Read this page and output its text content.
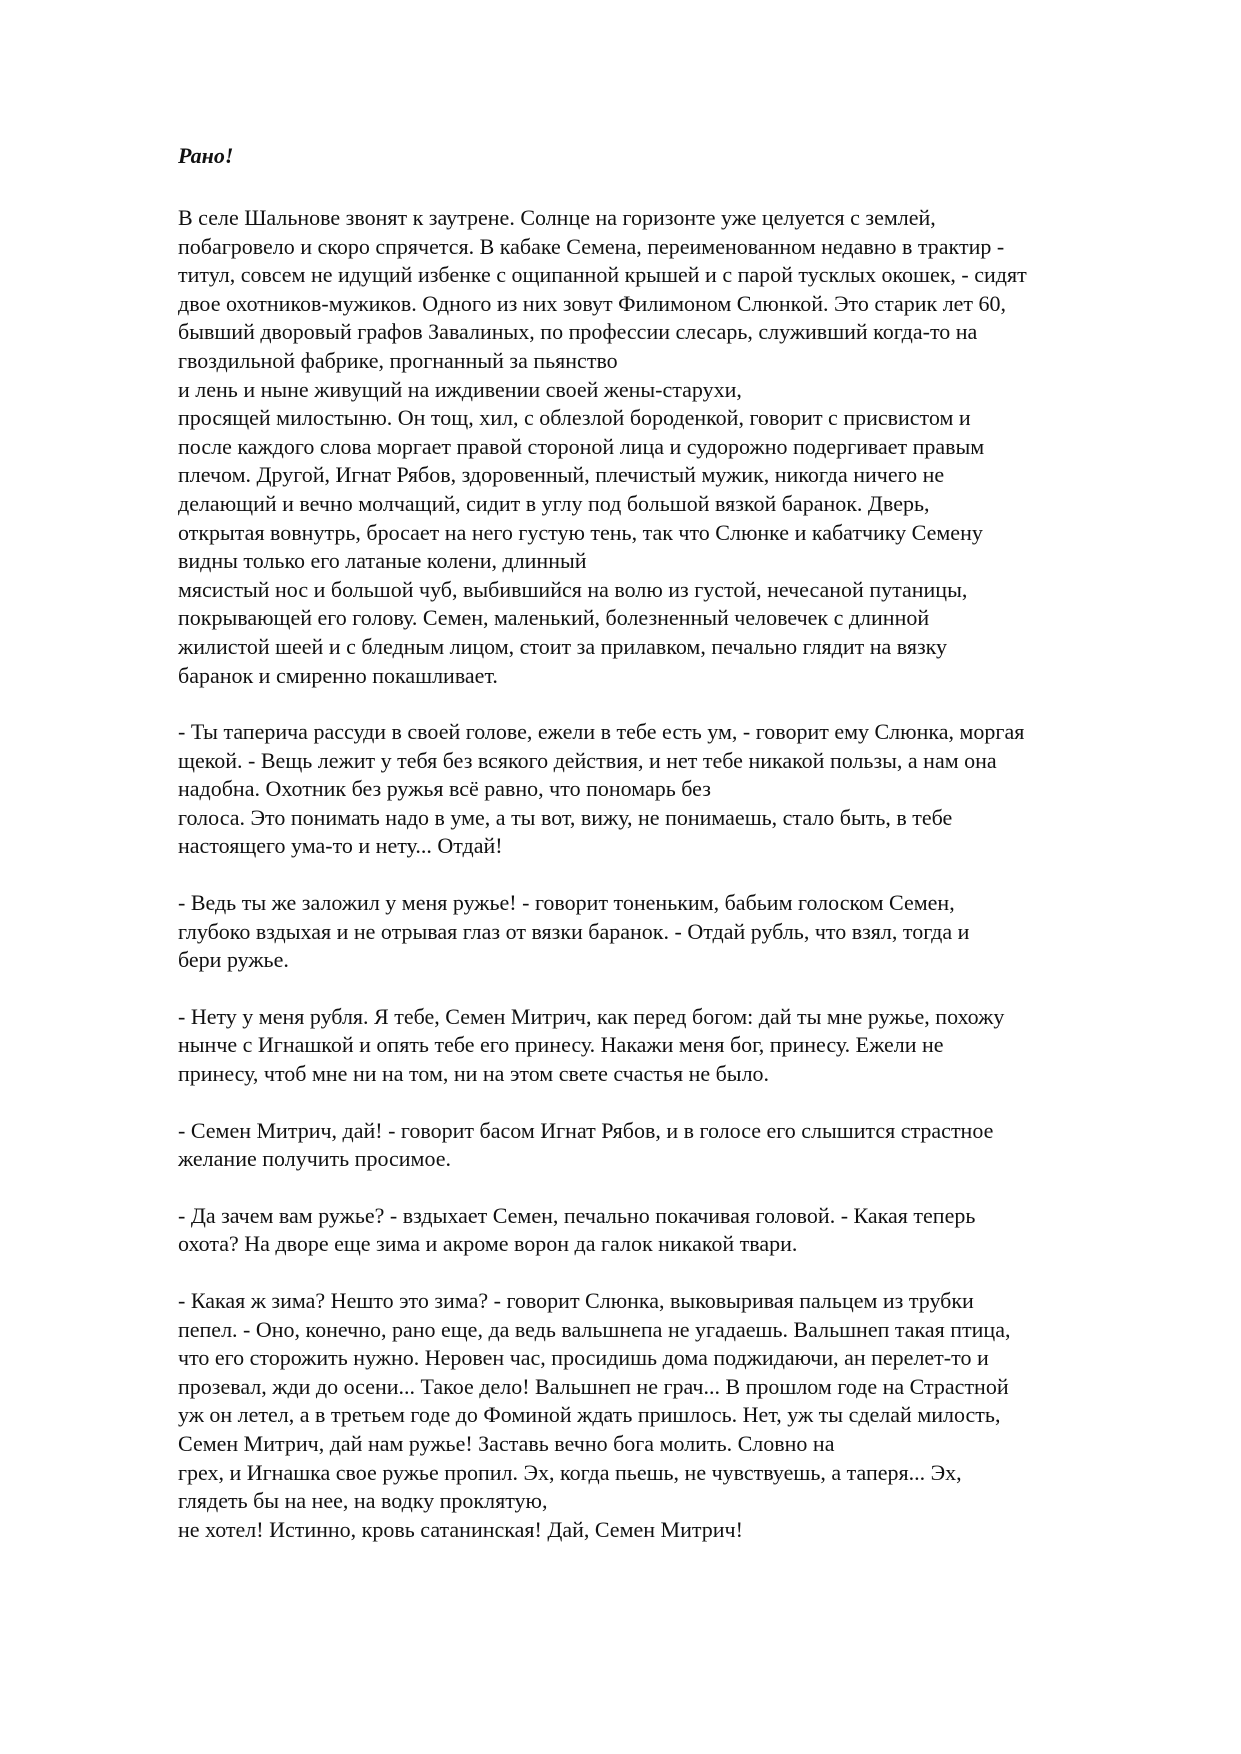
Рано!
В селе Шальнове звонят к заутрене. Солнце на горизонте уже целуется с землей,
побагровело и скоро спрячется. В кабаке Семена, переименованном недавно в трактир -
титул, совсем не идущий избенке с ощипанной крышей и с парой тусклых окошек, - сидят
двое охотников-мужиков. Одного из них зовут Филимоном Слюнкой. Это старик лет 60,
бывший дворовый графов Завалиных, по профессии слесарь, служивший когда-то на
гвоздильной фабрике, прогнанный за пьянство
и лень и ныне живущий на иждивении своей жены-старухи,
просящей милостыню. Он тощ, хил, с облезлой бороденкой, говорит с присвистом и
после каждого слова моргает правой стороной лица и судорожно подергивает правым
плечом. Другой, Игнат Рябов, здоровенный, плечистый мужик, никогда ничего не
делающий и вечно молчащий, сидит в углу под большой вязкой баранок. Дверь,
открытая вовнутрь, бросает на него густую тень, так что Слюнке и кабатчику Семену
видны только его латаные колени, длинный
мясистый нос и большой чуб, выбившийся на волю из густой, нечесаной путаницы,
покрывающей его голову. Семен, маленький, болезненный человечек с длинной
жилистой шеей и с бледным лицом, стоит за прилавком, печально глядит на вязку
баранок и смиренно покашливает.
- Ты таперича рассуди в своей голове, ежели в тебе есть ум, - говорит ему Слюнка, моргая
щекой. - Вещь лежит у тебя без всякого действия, и нет тебе никакой пользы, а нам она
надобна. Охотник без ружья всё равно, что пономарь без
голоса. Это понимать надо в уме, а ты вот, вижу, не понимаешь, стало быть, в тебе
настоящего ума-то и нету... Отдай!
- Ведь ты же заложил у меня ружье! - говорит тоненьким, бабьим голоском Семен,
глубоко вздыхая и не отрывая глаз от вязки баранок. - Отдай рубль, что взял, тогда и
бери ружье.
- Нету у меня рубля. Я тебе, Семен Митрич, как перед богом: дай ты мне ружье, похожу
нынче с Игнашкой и опять тебе его принесу. Накажи меня бог, принесу. Ежели не
принесу, чтоб мне ни на том, ни на этом свете счастья не было.
- Семен Митрич, дай! - говорит басом Игнат Рябов, и в голосе его слышится страстное
желание получить просимое.
- Да зачем вам ружье? - вздыхает Семен, печально покачивая головой. - Какая теперь
охота? На дворе еще зима и акроме ворон да галок никакой твари.
- Какая ж зима? Нешто это зима? - говорит Слюнка, выковыривая пальцем из трубки
пепел. - Оно, конечно, рано еще, да ведь вальшнепа не угадаешь. Вальшнеп такая птица,
что его сторожить нужно. Неровен час, просидишь дома поджидаючи, ан перелет-то и
прозевал, жди до осени... Такое дело! Вальшнеп не грач... В прошлом годе на Страстной
уж он летел, а в третьем годе до Фоминой ждать пришлось. Нет, уж ты сделай милость,
Семен Митрич, дай нам ружье! Заставь вечно бога молить. Словно на
грех, и Игнашка свое ружье пропил. Эх, когда пьешь, не чувствуешь, а таперя... Эх,
глядеть бы на нее, на водку проклятую,
не хотел! Истинно, кровь сатанинская! Дай, Семен Митрич!
